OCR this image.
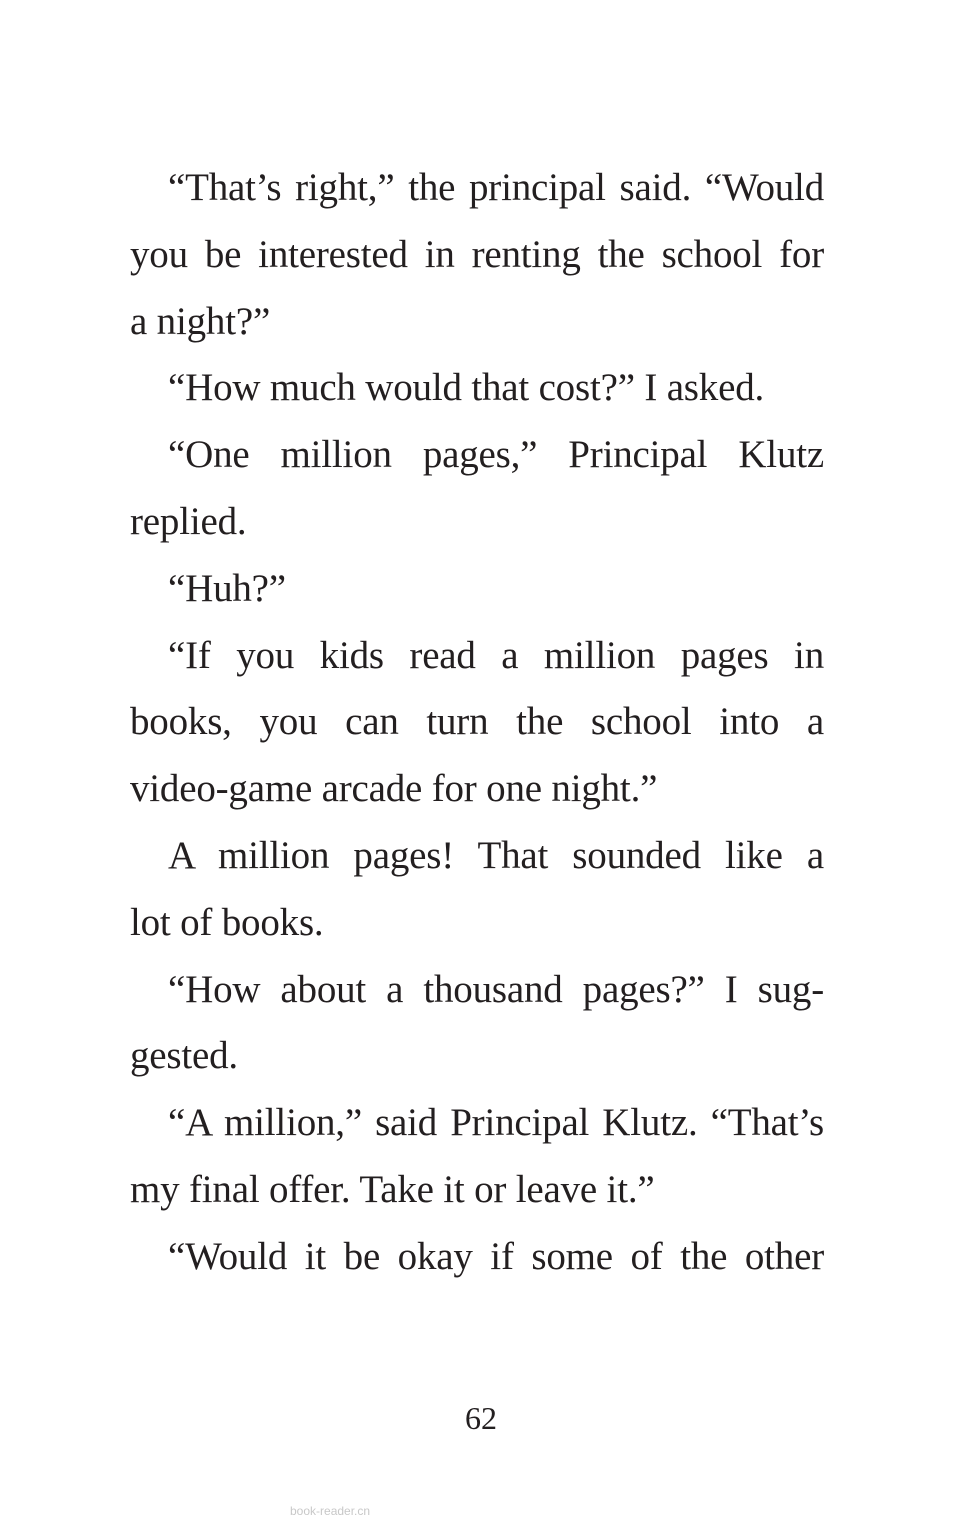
“That’s right,” the principal said. “Would
you be interested in renting the school for
a night?”
“How much would that cost?” I asked.
“One million pages,” Principal Klutz
replied.
“Huh?”
“If you kids read a million pages in
books, you can turn the school into a
video-game arcade for one night.”
A million pages! That sounded like a
lot of books.
“How about a thousand pages?” I sug-
gested.
“A million,” said Principal Klutz. “That’s
my final offer. Take it or leave it.”
“Would it be okay if some of the other
62
book-reader.cn
